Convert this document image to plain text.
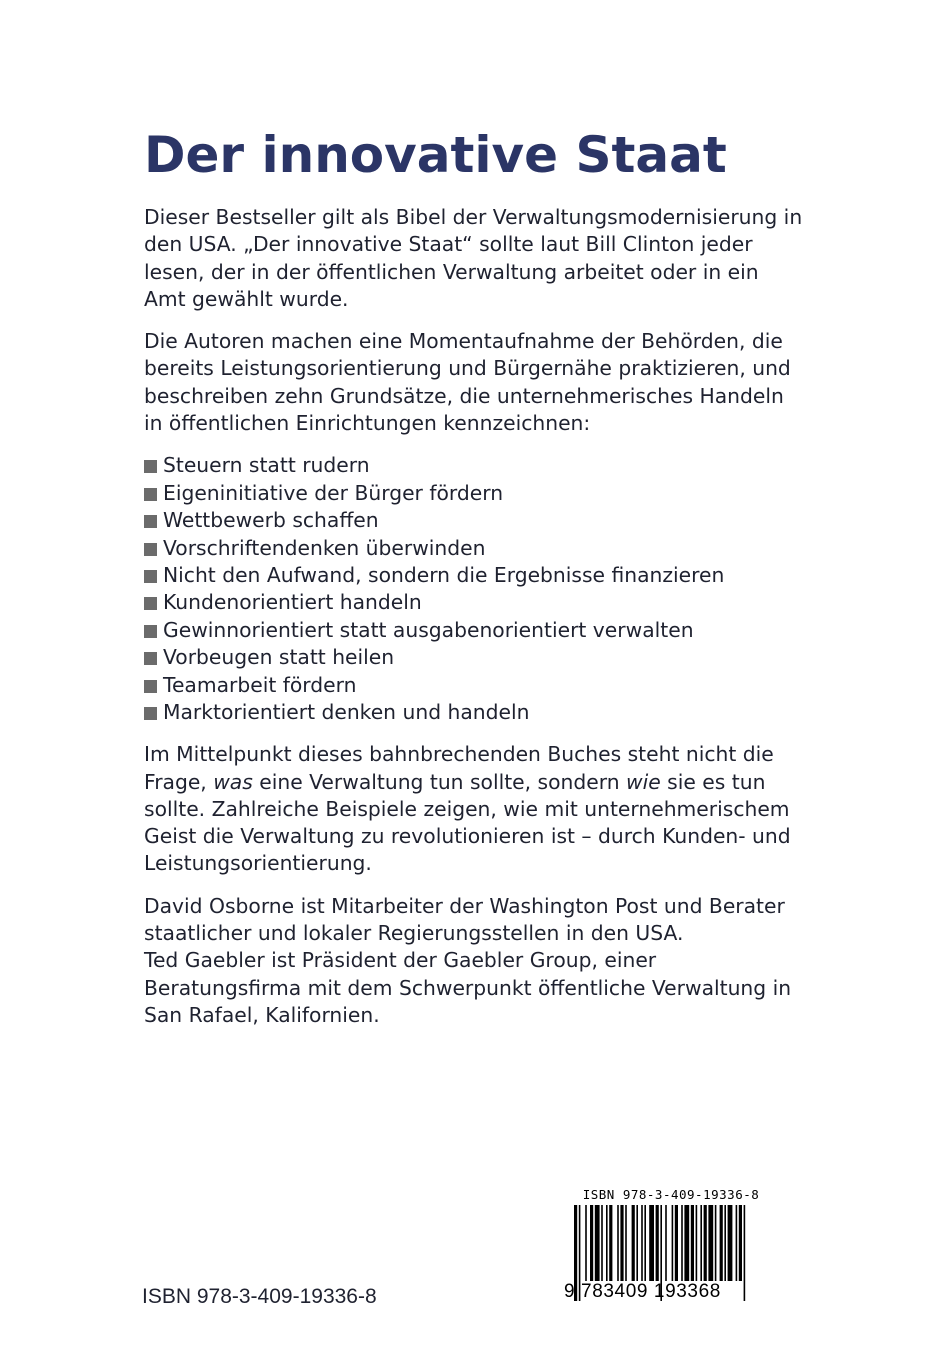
Der innovative Staat

Dieser Bestseller gilt als Bibel der Verwaltungsmodernisierung in den USA. „Der innovative Staat“ sollte laut Bill Clinton jeder lesen, der in der öffentlichen Verwaltung arbeitet oder in ein Amt gewählt wurde.

Die Autoren machen eine Momentaufnahme der Behörden, die bereits Leistungsorientierung und Bürgernähe praktizieren, und beschreiben zehn Grundsätze, die unternehmerisches Handeln in öffentlichen Einrichtungen kennzeichnen:

Steuern statt rudern
Eigeninitiative der Bürger fördern
Wettbewerb schaffen
Vorschriftendenken überwinden
Nicht den Aufwand, sondern die Ergebnisse finanzieren
Kundenorientiert handeln
Gewinnorientiert statt ausgabenorientiert verwalten
Vorbeugen statt heilen
Teamarbeit fördern
Marktorientiert denken und handeln

Im Mittelpunkt dieses bahnbrechenden Buches steht nicht die Frage, was eine Verwaltung tun sollte, sondern wie sie es tun sollte. Zahlreiche Beispiele zeigen, wie mit unternehmerischem Geist die Verwaltung zu revolutionieren ist – durch Kunden- und Leistungsorientierung.

David Osborne ist Mitarbeiter der Washington Post und Berater staatlicher und lokaler Regierungsstellen in den USA.
Ted Gaebler ist Präsident der Gaebler Group, einer Beratungsfirma mit dem Schwerpunkt öffentliche Verwaltung in San Rafael, Kalifornien.

ISBN 978-3-409-19336-8
9 783409 193368
ISBN 978-3-409-19336-8
